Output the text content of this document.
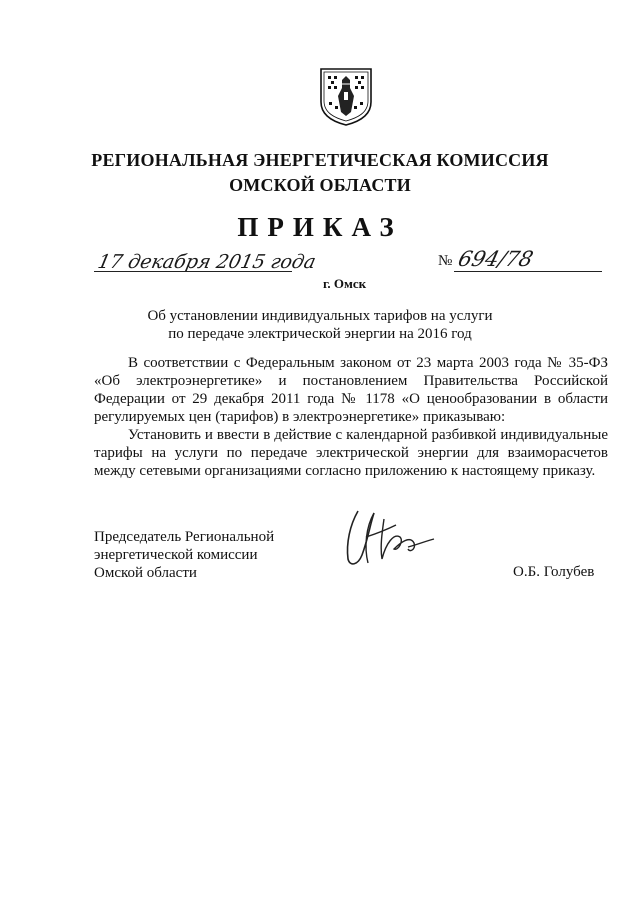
РЕГИОНАЛЬНАЯ ЭНЕРГЕТИЧЕСКАЯ КОМИССИЯ
ОМСКОЙ ОБЛАСТИ
ПРИКАЗ
17 декабря 2015 года
г. Омск
№ 694/78
Об установлении индивидуальных тарифов на услуги
по передаче электрической энергии на 2016 год

В соответствии с Федеральным законом от 23 марта 2003 года № 35-ФЗ «Об электроэнергетике» и постановлением Правительства Российской Федерации от 29 декабря 2011 года № 1178 «О ценообразовании в области регулируемых цен (тарифов) в электроэнергетике» приказываю:

Установить и ввести в действие с календарной разбивкой индивидуальные тарифы на услуги по передаче электрической энергии для взаиморасчетов между сетевыми организациями согласно приложению к настоящему приказу.

Председатель Региональной
энергетической комиссии
Омской области	О.Б. Голубев
